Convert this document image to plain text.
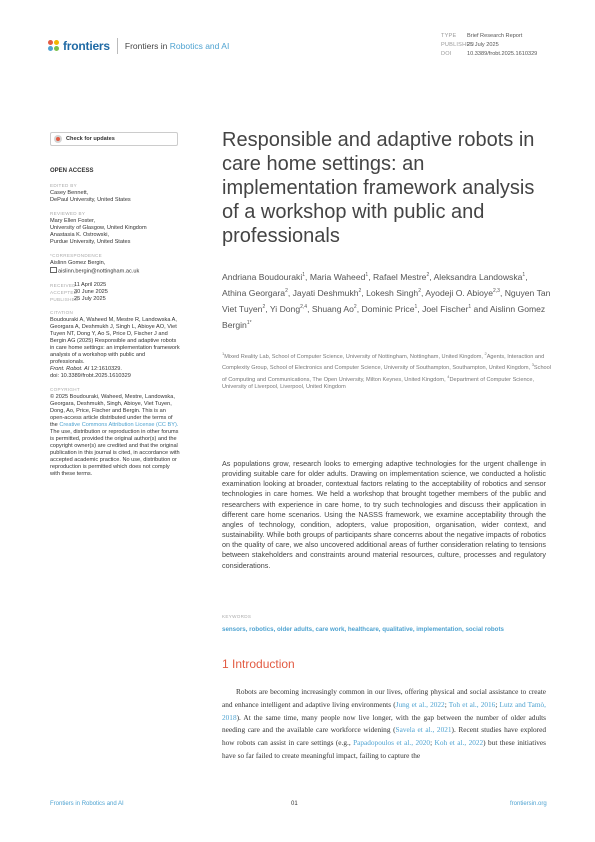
frontiers Frontiers in Robotics and AI
TYPE Brief Research Report
PUBLISHED25 July 2025
DOI	10.3389/frobt.2025.1610329
Check for updates
OPEN ACCESS
EDITED BY
Casey Bennett,
DePaul University, United States
REVIEWED BY
Mary Ellen Foster,
University of Glasgow, United Kingdom
Anastasia K. Ostrowski,
Purdue University, United States
*CORRESPONDENCE
Aislinn Gomez Bergin,
aislinn.bergin@nottingham.ac.uk
RECEIVED
11 April 2025
ACCEPTED
30 June 2025
PUBLISHED
25 July 2025
CITATION
Boudouraki A, Waheed M, Mestre R, Landowska A, Georgara A, Deshmukh J, Singh L, Abioye AO, Viet Tuyen NT, Dong Y, Ao S, Price D, Fischer J and Bergin AG (2025) Responsible and adaptive robots in care home settings: an implementation framework analysis of a workshop with public and professionals.
Front. Robot. AI 12:1610329.
doi: 10.3389/frobt.2025.1610329
COPYRIGHT
© 2025 Boudouraki, Waheed, Mestre, Landowska, Georgara, Deshmukh, Singh, Abioye, Viet Tuyen, Dong, Ao, Price, Fischer and Bergin. This is an open-access article distributed under the terms of the Creative Commons Attribution License (CC BY). The use, distribution or reproduction in other forums is permitted, provided the original author(s) and the copyright owner(s) are credited and that the original publication in this journal is cited, in accordance with accepted academic practice. No use, distribution or reproduction is permitted which does not comply with these terms.
Responsible and adaptive robots in care home settings: an implementation framework analysis of a workshop with public and professionals
Andriana Boudouraki$^1$, Maria Waheed$^1$, Rafael Mestre$^2$, Aleksandra Landowska$^1$, Athina Georgara$^2$, Jayati Deshmukh$^2$, Lokesh Singh$^2$, Ayodeji O. Abioye$^{2,3}$, Nguyen Tan Viet Tuyen$^2$, Yi Dong$^{2,4}$, Shuang Ao$^2$, Dominic Price$^1$, Joel Fischer$^1$ and Aislinn Gomez Bergin$^{1*}$
$^1$Mixed Reality Lab, School of Computer Science, University of Nottingham, Nottingham, United Kingdom, $^2$Agents, Interaction and Complexity Group, School of Electronics and Computer Science, University of Southampton, Southampton, United Kingdom, $^3$School of Computing and Communications, The Open University, Milton Keynes, United Kingdom, $^4$Department of Computer Science, University of Liverpool, Liverpool, United Kingdom
As populations grow, research looks to emerging adaptive technologies for the urgent challenge in providing suitable care for older adults. Drawing on implementation science, we conducted a holistic examination looking at broader, contextual factors relating to the acceptability of robotics and sensor technologies in care homes. We held a workshop that brought together members of the public and researchers with experience in care home, to try such technologies and discuss their application in different care home scenarios. Using the NASSS framework, we examine acceptability through the angles of technology, condition, adopters, value proposition, organisation, wider context, and sustainability. While both groups of participants share concerns about the negative impacts of robotics on the quality of care, we also uncovered additional areas of further consideration relating to tensions between stakeholders and constraints around material resources, culture, processes and regulatory considerations.
KEYWORDS
sensors, robotics, older adults, care work, healthcare, qualitative, implementation, social robots
1 Introduction

Robots are becoming increasingly common in our lives, offering physical and social assistance to create and enhance intelligent and adaptive living environments (Jung et al., 2022; Toh et al., 2016; Lutz and Tamò, 2018). At the same time, many people now live longer, with the gap between the number of older adults needing care and the available care workforce widening (Savela et al., 2021). Recent studies have explored how robots can assist in care settings (e.g., Papadopoulos et al., 2020; Koh et al., 2022) but these initiatives have so far failed to create meaningful impact, failing to capture the

Frontiers in Robotics and AI	01	frontiersin.org
